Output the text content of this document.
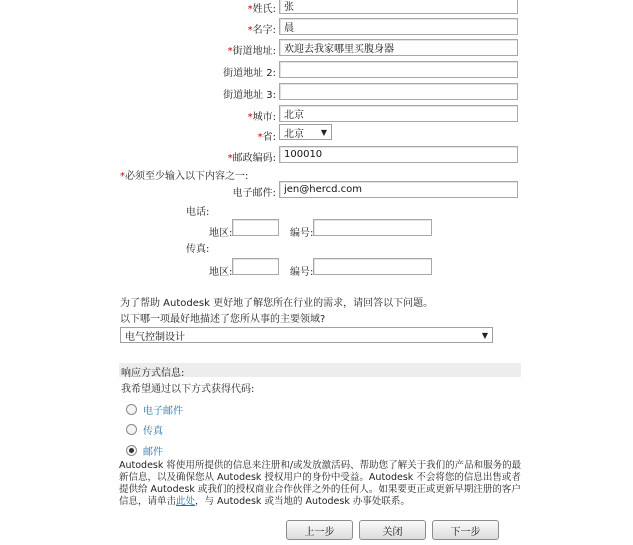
*姓氏:
张
*名字:
晨
*街道地址:
欢迎去我家哪里买腹身器
街道地址 2:
街道地址 3:
*城市:
北京
*省: 北京 ▼
*邮政编码:
100010
*必须至少输入以下内容之一:
电子邮件:
jen@hercd.com
电话:
地区:	编号:
传真:
地区:	编号:
为了帮助 Autodesk 更好地了解您所在行业的需求，请回答以下问题。
以下哪一项最好地描述了您所从事的主要领域?
电气控制设计	▼
响应方式信息:
我希望通过以下方式获得代码:
电子邮件
传真
邮件
Autodesk 将使用所提供的信息来注册和/或发放激活码、帮助您了解关于我们的产品和服务的最新信息，以及确保您从 Autodesk 授权用户的身份中受益。Autodesk 不会将您的信息出售或者提供给 Autodesk 或我们的授权商业合作伙伴之外的任何人。如果要更正或更新早期注册的客户信息，请单击此处，与 Autodesk 或当地的 Autodesk 办事处联系。
上一步	关闭	下一步
